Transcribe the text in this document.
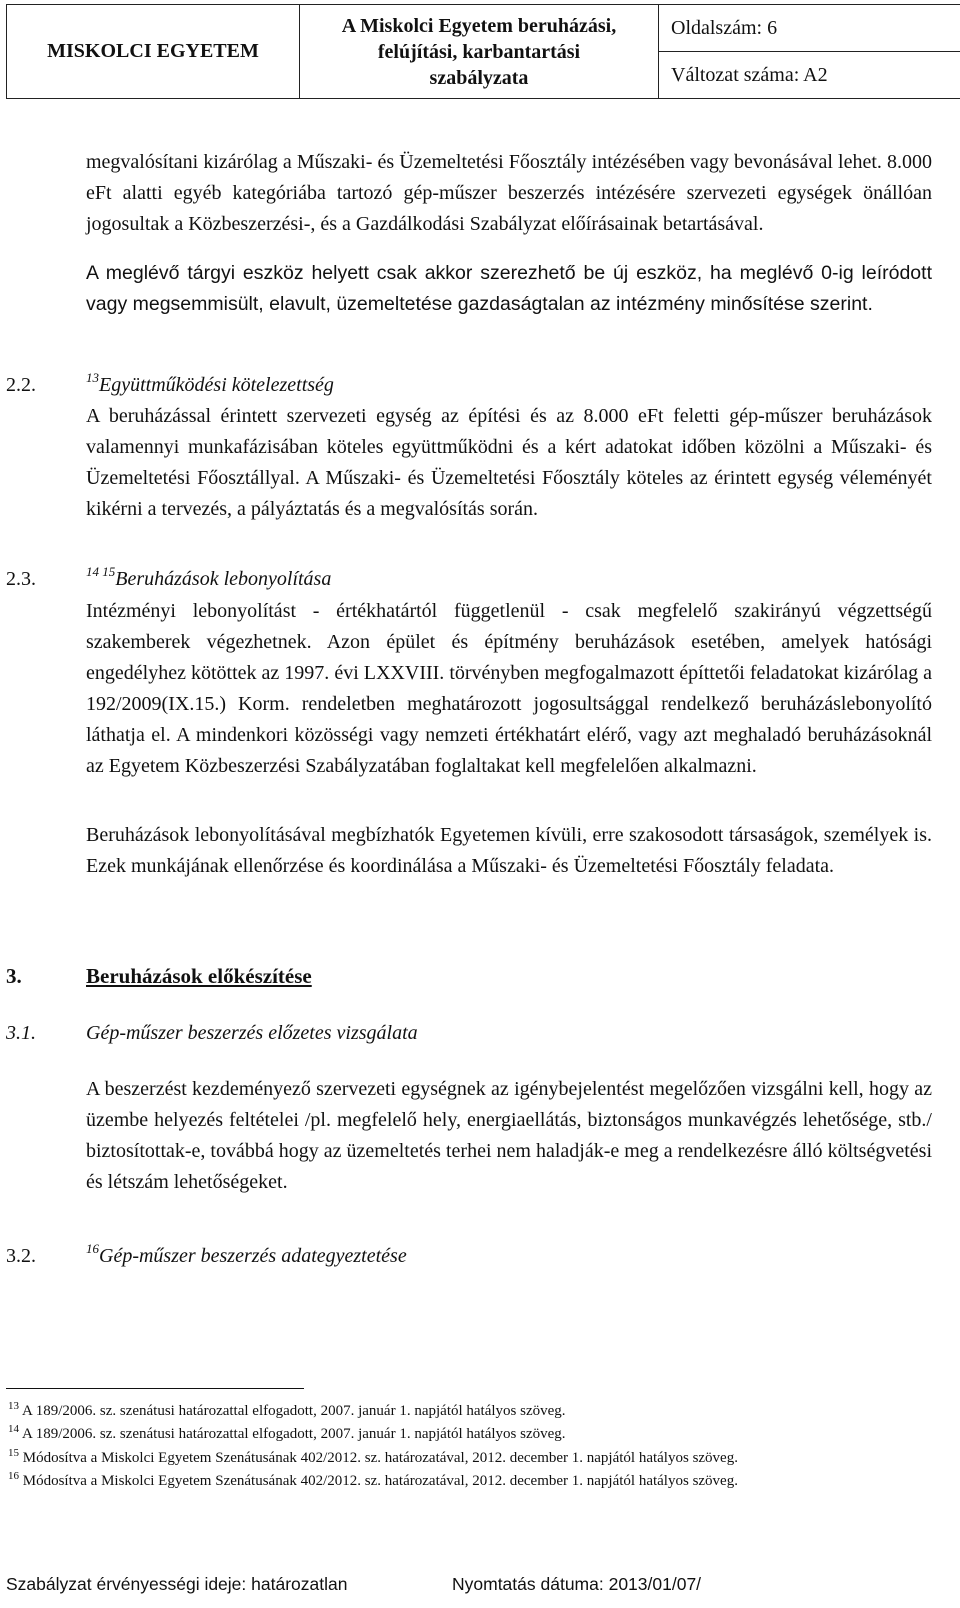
MISKOLCI EGYETEM	
A Miskolci Egyetem beruházási,
felújítási, karbantartási
szabályzata
	Oldalszám: 6
Változat száma: A2

megvalósítani kizárólag a Műszaki- és Üzemeltetési Főosztály intézésében vagy bevonásával lehet. 8.000 eFt alatti egyéb kategóriába tartozó gép-műszer beszerzés intézésére szervezeti egységek önállóan jogosultak a Közbeszerzési-, és a Gazdálkodási Szabályzat előírásainak betartásával.

A meglévő tárgyi eszköz helyett csak akkor szerezhető be új eszköz, ha meglévő 0-ig leíródott vagy megsemmisült, elavult, üzemeltetése gazdaságtalan az intézmény minősítése szerint.

2.2.	$^{13}$Együttműködési kötelezettség

A beruházással érintett szervezeti egység az építési és az 8.000 eFt feletti gép-műszer beruházások valamennyi munkafázisában köteles együttműködni és a kért adatokat időben közölni a Műszaki- és Üzemeltetési Főosztállyal. A Műszaki- és Üzemeltetési Főosztály köteles az érintett egység véleményét kikérni a tervezés, a pályáztatás és a megvalósítás során.

2.3.	$^{14 15}$Beruházások lebonyolítása

Intézményi lebonyolítást - értékhatártól függetlenül - csak megfelelő szakirányú végzettségű szakemberek végezhetnek. Azon épület és építmény beruházások esetében, amelyek hatósági engedélyhez kötöttek az 1997. évi LXXVIII. törvényben megfogalmazott építtetői feladatokat kizárólag a 192/2009(IX.15.) Korm. rendeletben meghatározott jogosultsággal rendelkező beruházáslebonyolító láthatja el. A mindenkori közösségi vagy nemzeti értékhatárt elérő, vagy azt meghaladó beruházásoknál az Egyetem Közbeszerzési Szabályzatában foglaltakat kell megfelelően alkalmazni.

Beruházások lebonyolításával megbízhatók Egyetemen kívüli, erre szakosodott társaságok, személyek is. Ezek munkájának ellenőrzése és koordinálása a Műszaki- és Üzemeltetési Főosztály feladata.

3.	Beruházások előkészítése
3.1.	Gép-műszer beszerzés előzetes vizsgálata

A beszerzést kezdeményező szervezeti egységnek az igénybejelentést megelőzően vizsgálni kell, hogy az üzembe helyezés feltételei /pl. megfelelő hely, energiaellátás, biztonságos munkavégzés lehetősége, stb./ biztosítottak-e, továbbá hogy az üzemeltetés terhei nem haladják-e meg a rendelkezésre álló költségvetési és létszám lehetőségeket.

3.2.	$^{16}$Gép-műszer beszerzés adategyeztetése
$^{13}$ A 189/2006. sz. szenátusi határozattal elfogadott, 2007. január 1. napjától hatályos szöveg.
$^{14}$ A 189/2006. sz. szenátusi határozattal elfogadott, 2007. január 1. napjától hatályos szöveg.
$^{15}$ Módosítva a Miskolci Egyetem Szenátusának 402/2012. sz. határozatával, 2012. december 1. napjától hatályos szöveg.
$^{16}$ Módosítva a Miskolci Egyetem Szenátusának 402/2012. sz. határozatával, 2012. december 1. napjától hatályos szöveg.
Szabályzat érvényességi ideje: határozatlan	Nyomtatás dátuma: 2013/01/07/
